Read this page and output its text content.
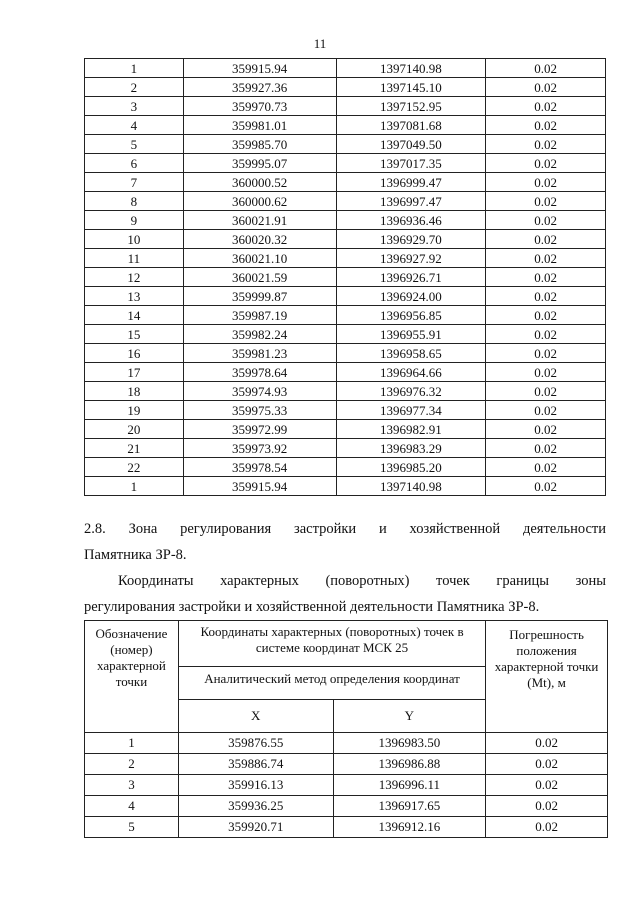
11
1	359915.94	1397140.98	0.02
2	359927.36	1397145.10	0.02
3	359970.73	1397152.95	0.02
4	359981.01	1397081.68	0.02
5	359985.70	1397049.50	0.02
6	359995.07	1397017.35	0.02
7	360000.52	1396999.47	0.02
8	360000.62	1396997.47	0.02
9	360021.91	1396936.46	0.02
10	360020.32	1396929.70	0.02
11	360021.10	1396927.92	0.02
12	360021.59	1396926.71	0.02
13	359999.87	1396924.00	0.02
14	359987.19	1396956.85	0.02
15	359982.24	1396955.91	0.02
16	359981.23	1396958.65	0.02
17	359978.64	1396964.66	0.02
18	359974.93	1396976.32	0.02
19	359975.33	1396977.34	0.02
20	359972.99	1396982.91	0.02
21	359973.92	1396983.29	0.02
22	359978.54	1396985.20	0.02
1	359915.94	1397140.98	0.02
2.8. Зона регулирования застройки и хозяйственной деятельности
Памятника ЗР-8.
Координаты характерных (поворотных) точек границы зоны
регулирования застройки и хозяйственной деятельности Памятника ЗР-8.
Обозначение (номер) характерной точки	Координаты характерных (поворотных) точек в системе координат МСК 25		Погрешность положения характерной точки (Mt), м
	Аналитический метод определения координат		
	X	Y	
1	359876.55	1396983.50	0.02
2	359886.74	1396986.88	0.02
3	359916.13	1396996.11	0.02
4	359936.25	1396917.65	0.02
5	359920.71	1396912.16	0.02
